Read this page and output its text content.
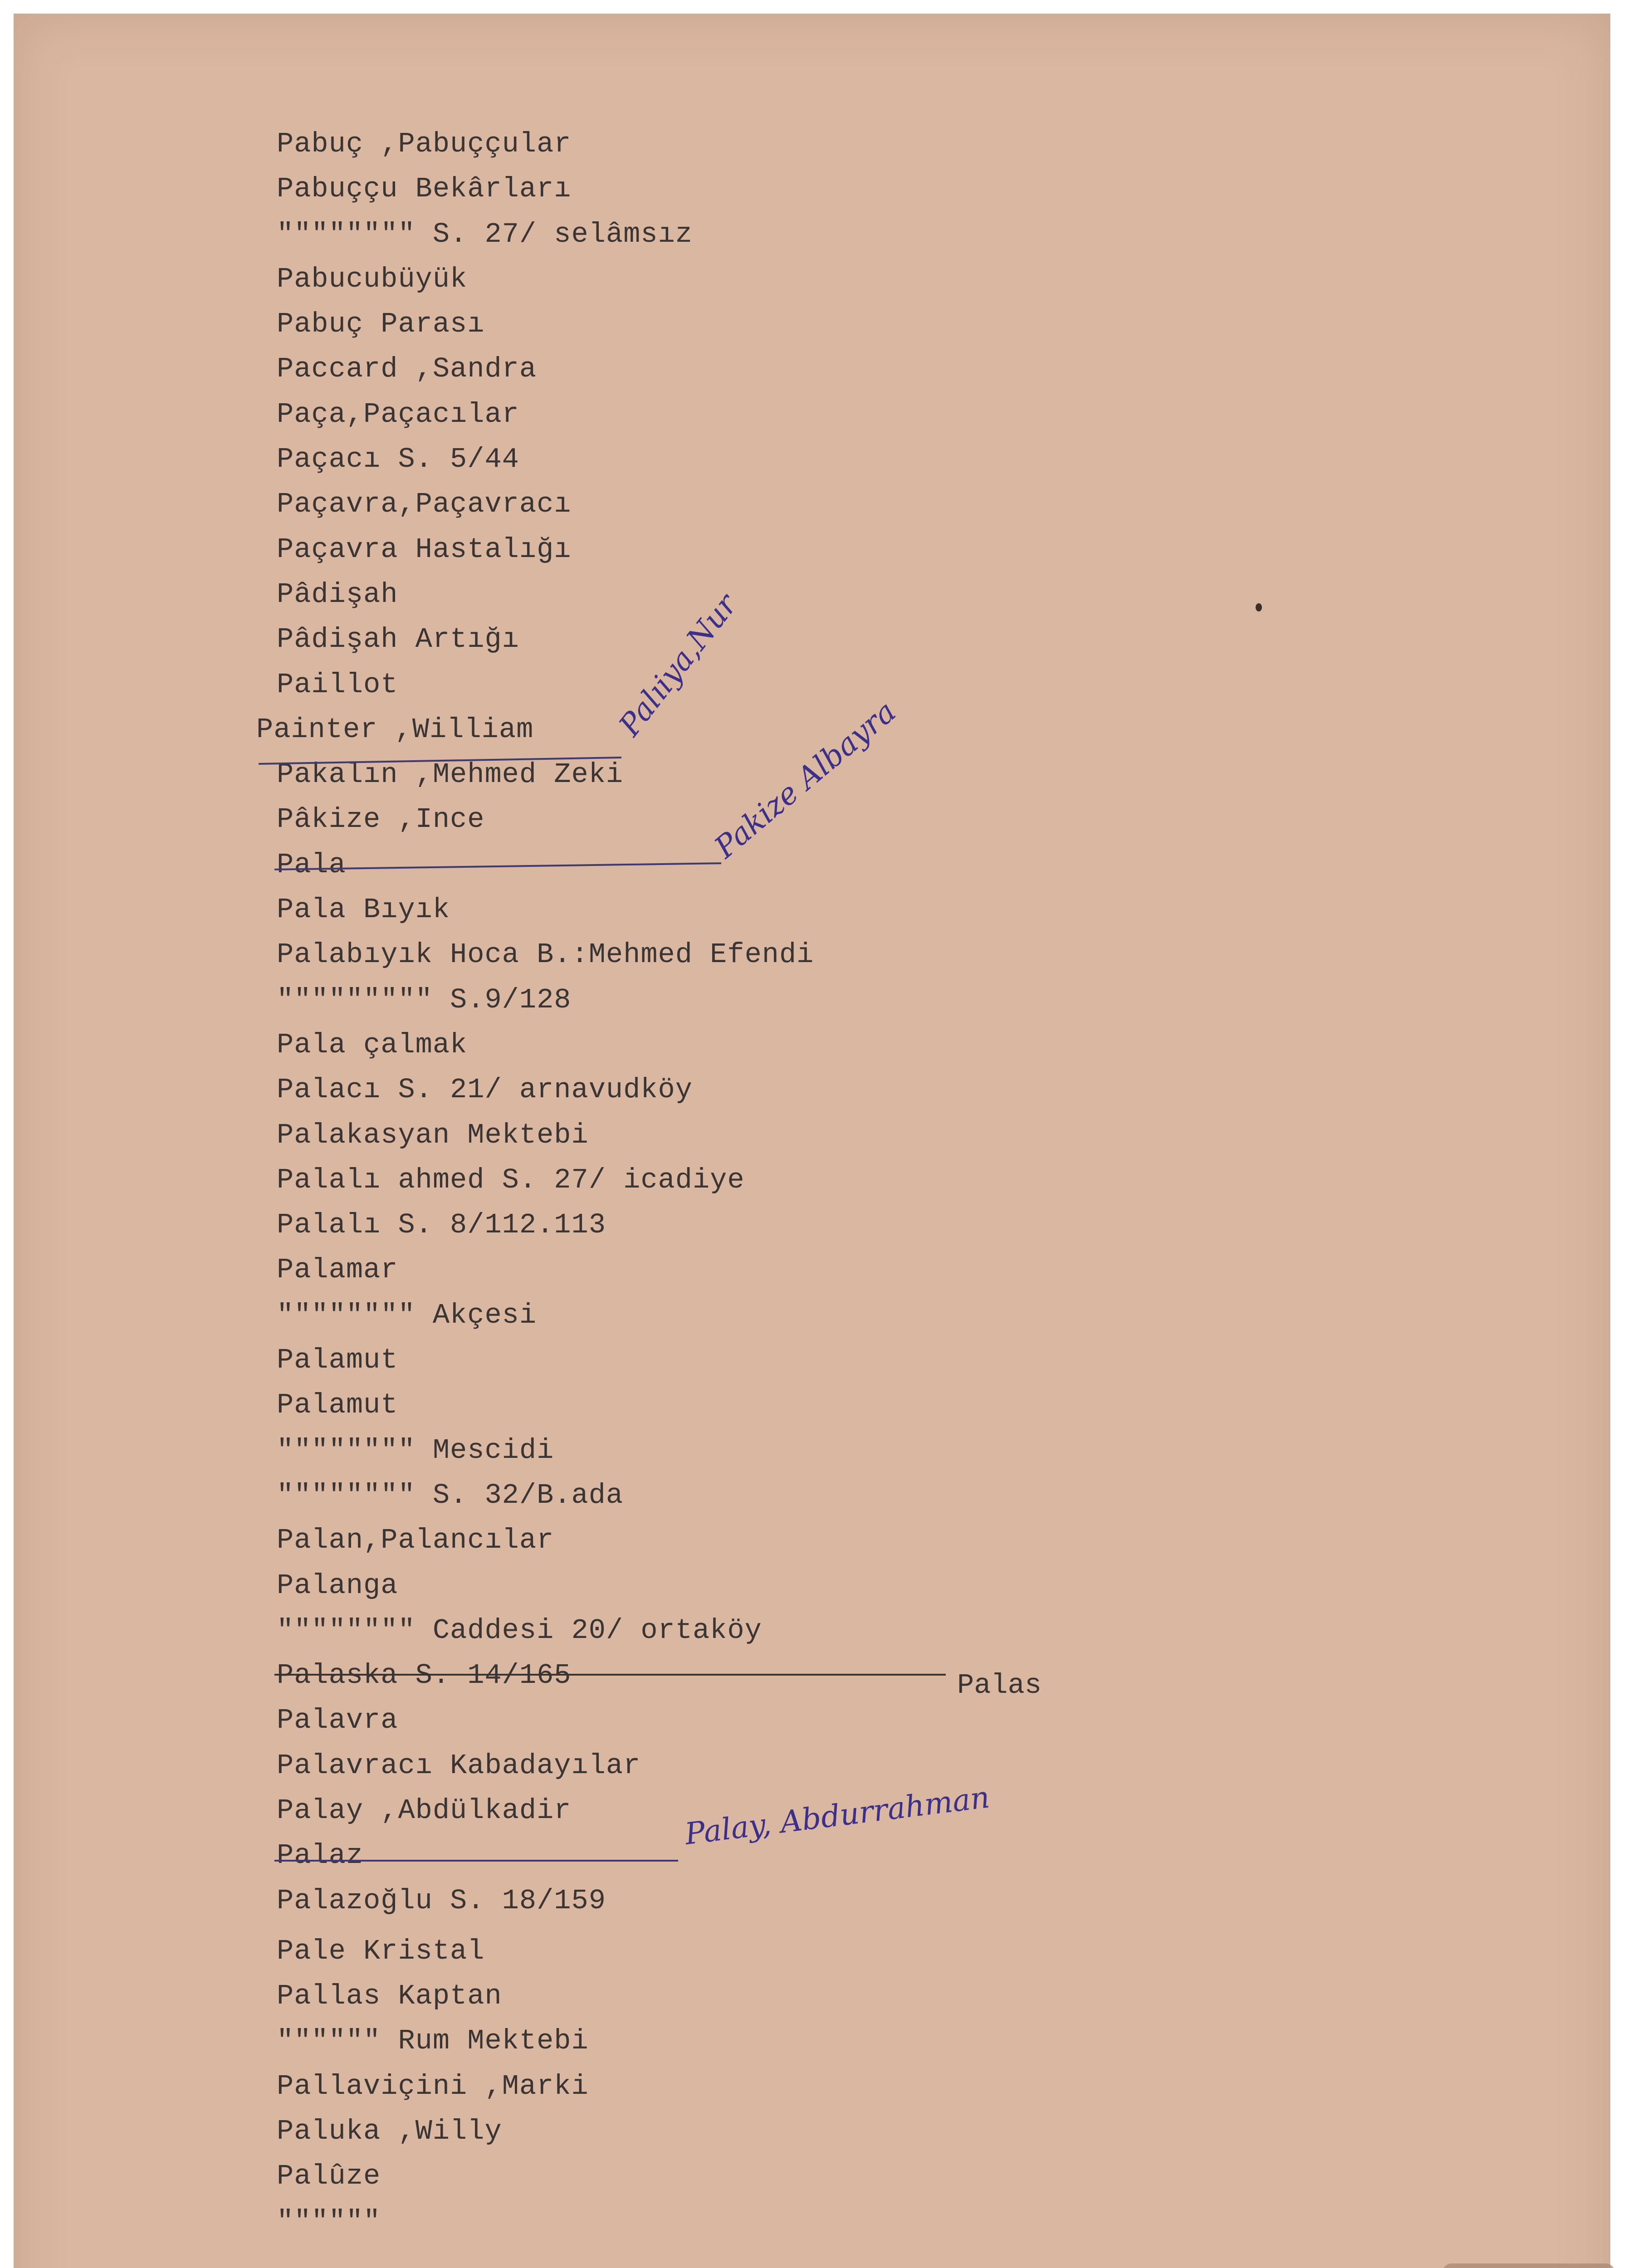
Pabuç ,Pabuççular
Pabuççu Bekârları
"""""""" S. 27/ selâmsız
Pabucubüyük
Pabuç Parası
Paccard ,Sandra
Paça,Paçacılar
Paçacı S. 5/44
Paçavra,Paçavracı
Paçavra Hastalığı
Pâdişah
Pâdişah Artığı
Paillot
Painter ,William
Pakalın ,Mehmed Zeki
Pâkize ,Ince
Pala
Pala Bıyık
Palabıyık Hoca B.:Mehmed Efendi
""""""""" S.9/128
Pala çalmak
Palacı S. 21/ arnavudköy
Palakasyan Mektebi
Palalı ahmed S. 27/ icadiye
Palalı S. 8/112.113
Palamar
"""""""" Akçesi
Palamut
Palamut
"""""""" Mescidi
"""""""" S. 32/B.ada
Palan,Palancılar
Palanga
"""""""" Caddesi 20/ ortaköy
Palaska S. 14/165
Palavra
Palavracı Kabadayılar
Palay ,Abdülkadir
Palaz
Palazoğlu S. 18/159
Pale Kristal
Pallas Kaptan
"""""" Rum Mektebi
Pallaviçini ,Marki
Paluka ,Willy
Palûze
""""""
Palas
Palıiya,Nur
Pakize Albayra
Palay, Abdurrahman
